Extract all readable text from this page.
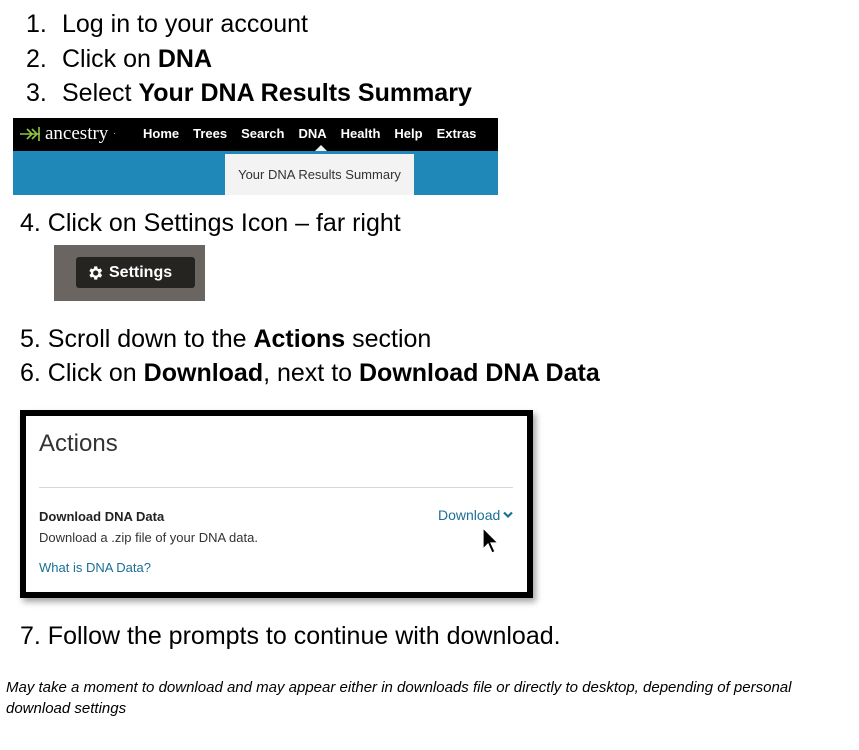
1. Log in to your account
2. Click on DNA
3. Select Your DNA Results Summary
ancestry · Home Trees Search DNA Health Help Extras
Your DNA Results Summary
4. Click on Settings Icon – far right
Settings
5. Scroll down to the Actions section
6. Click on Download, next to Download DNA Data
Actions
Download DNA Data
Download a .zip file of your DNA data.
What is DNA Data?
Download
7. Follow the prompts to continue with download.
May take a moment to download and may appear either in downloads file or directly to desktop, depending of personal download settings
